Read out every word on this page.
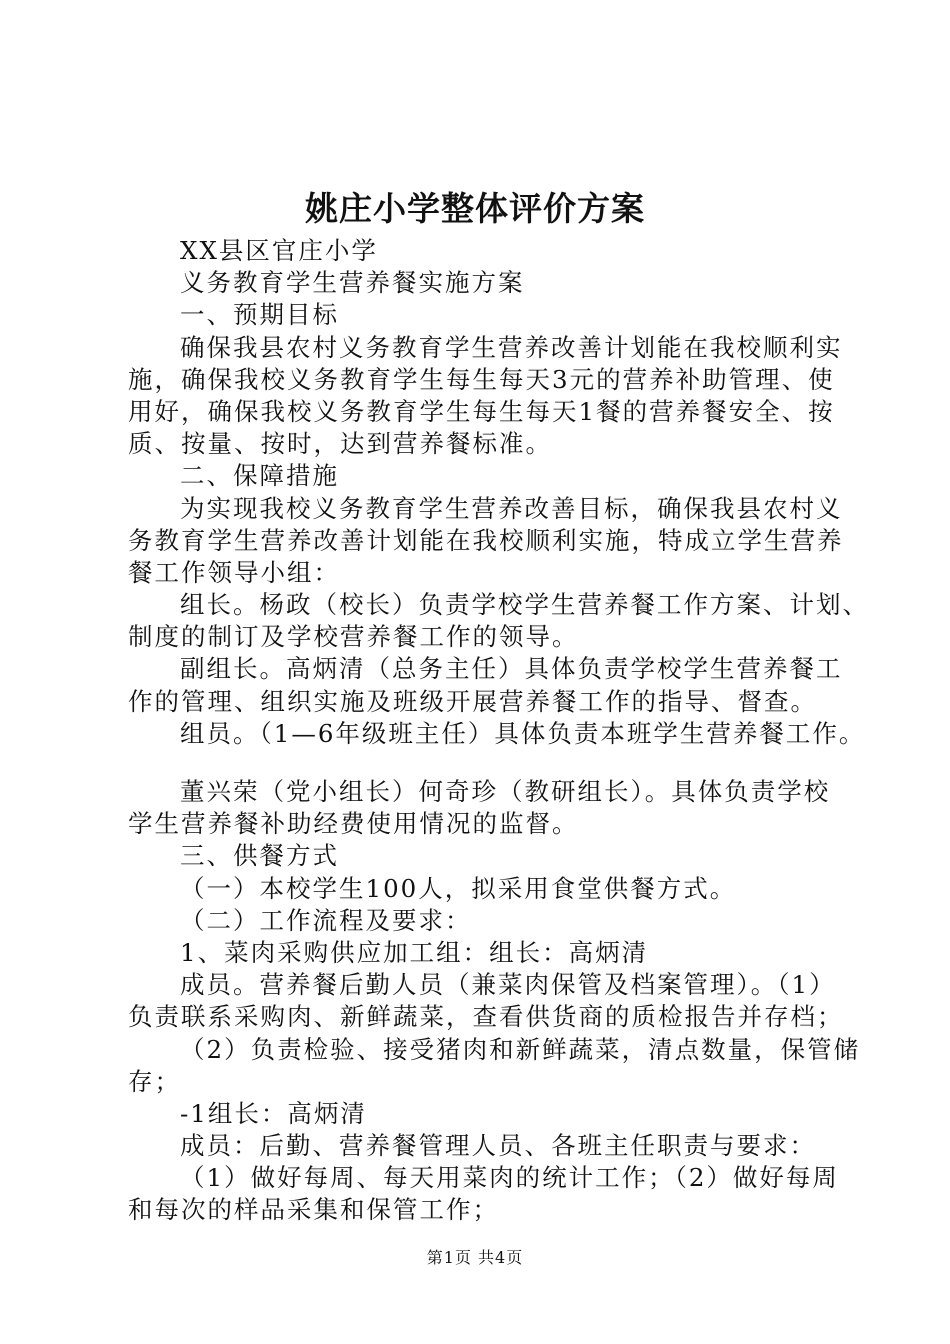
姚庄小学整体评价方案
XX县区官庄小学
义务教育学生营养餐实施方案
一、预期目标
确保我县农村义务教育学生营养改善计划能在我校顺利实
施，确保我校义务教育学生每生每天3元的营养补助管理、使
用好，确保我校义务教育学生每生每天1餐的营养餐安全、按
质、按量、按时，达到营养餐标准。
二、保障措施
为实现我校义务教育学生营养改善目标，确保我县农村义
务教育学生营养改善计划能在我校顺利实施，特成立学生营养
餐工作领导小组：
组长。杨政（校长）负责学校学生营养餐工作方案、计划、
制度的制订及学校营养餐工作的领导。
副组长。高炳清（总务主任）具体负责学校学生营养餐工
作的管理、组织实施及班级开展营养餐工作的指导、督查。
组员。（1—6年级班主任）具体负责本班学生营养餐工作。
董兴荣（党小组长）何奇珍（教研组长）。具体负责学校
学生营养餐补助经费使用情况的监督。
三、供餐方式
（一）本校学生100人，拟采用食堂供餐方式。
（二）工作流程及要求：
1、菜肉采购供应加工组：组长：高炳清
成员。营养餐后勤人员（兼菜肉保管及档案管理）。（1）
负责联系采购肉、新鲜蔬菜，查看供货商的质检报告并存档；
（2）负责检验、接受猪肉和新鲜蔬菜，清点数量，保管储
存；
-1组长：高炳清
成员：后勤、营养餐管理人员、各班主任职责与要求：
（1）做好每周、每天用菜肉的统计工作；（2）做好每周
和每次的样品采集和保管工作；
第1页 共4页
